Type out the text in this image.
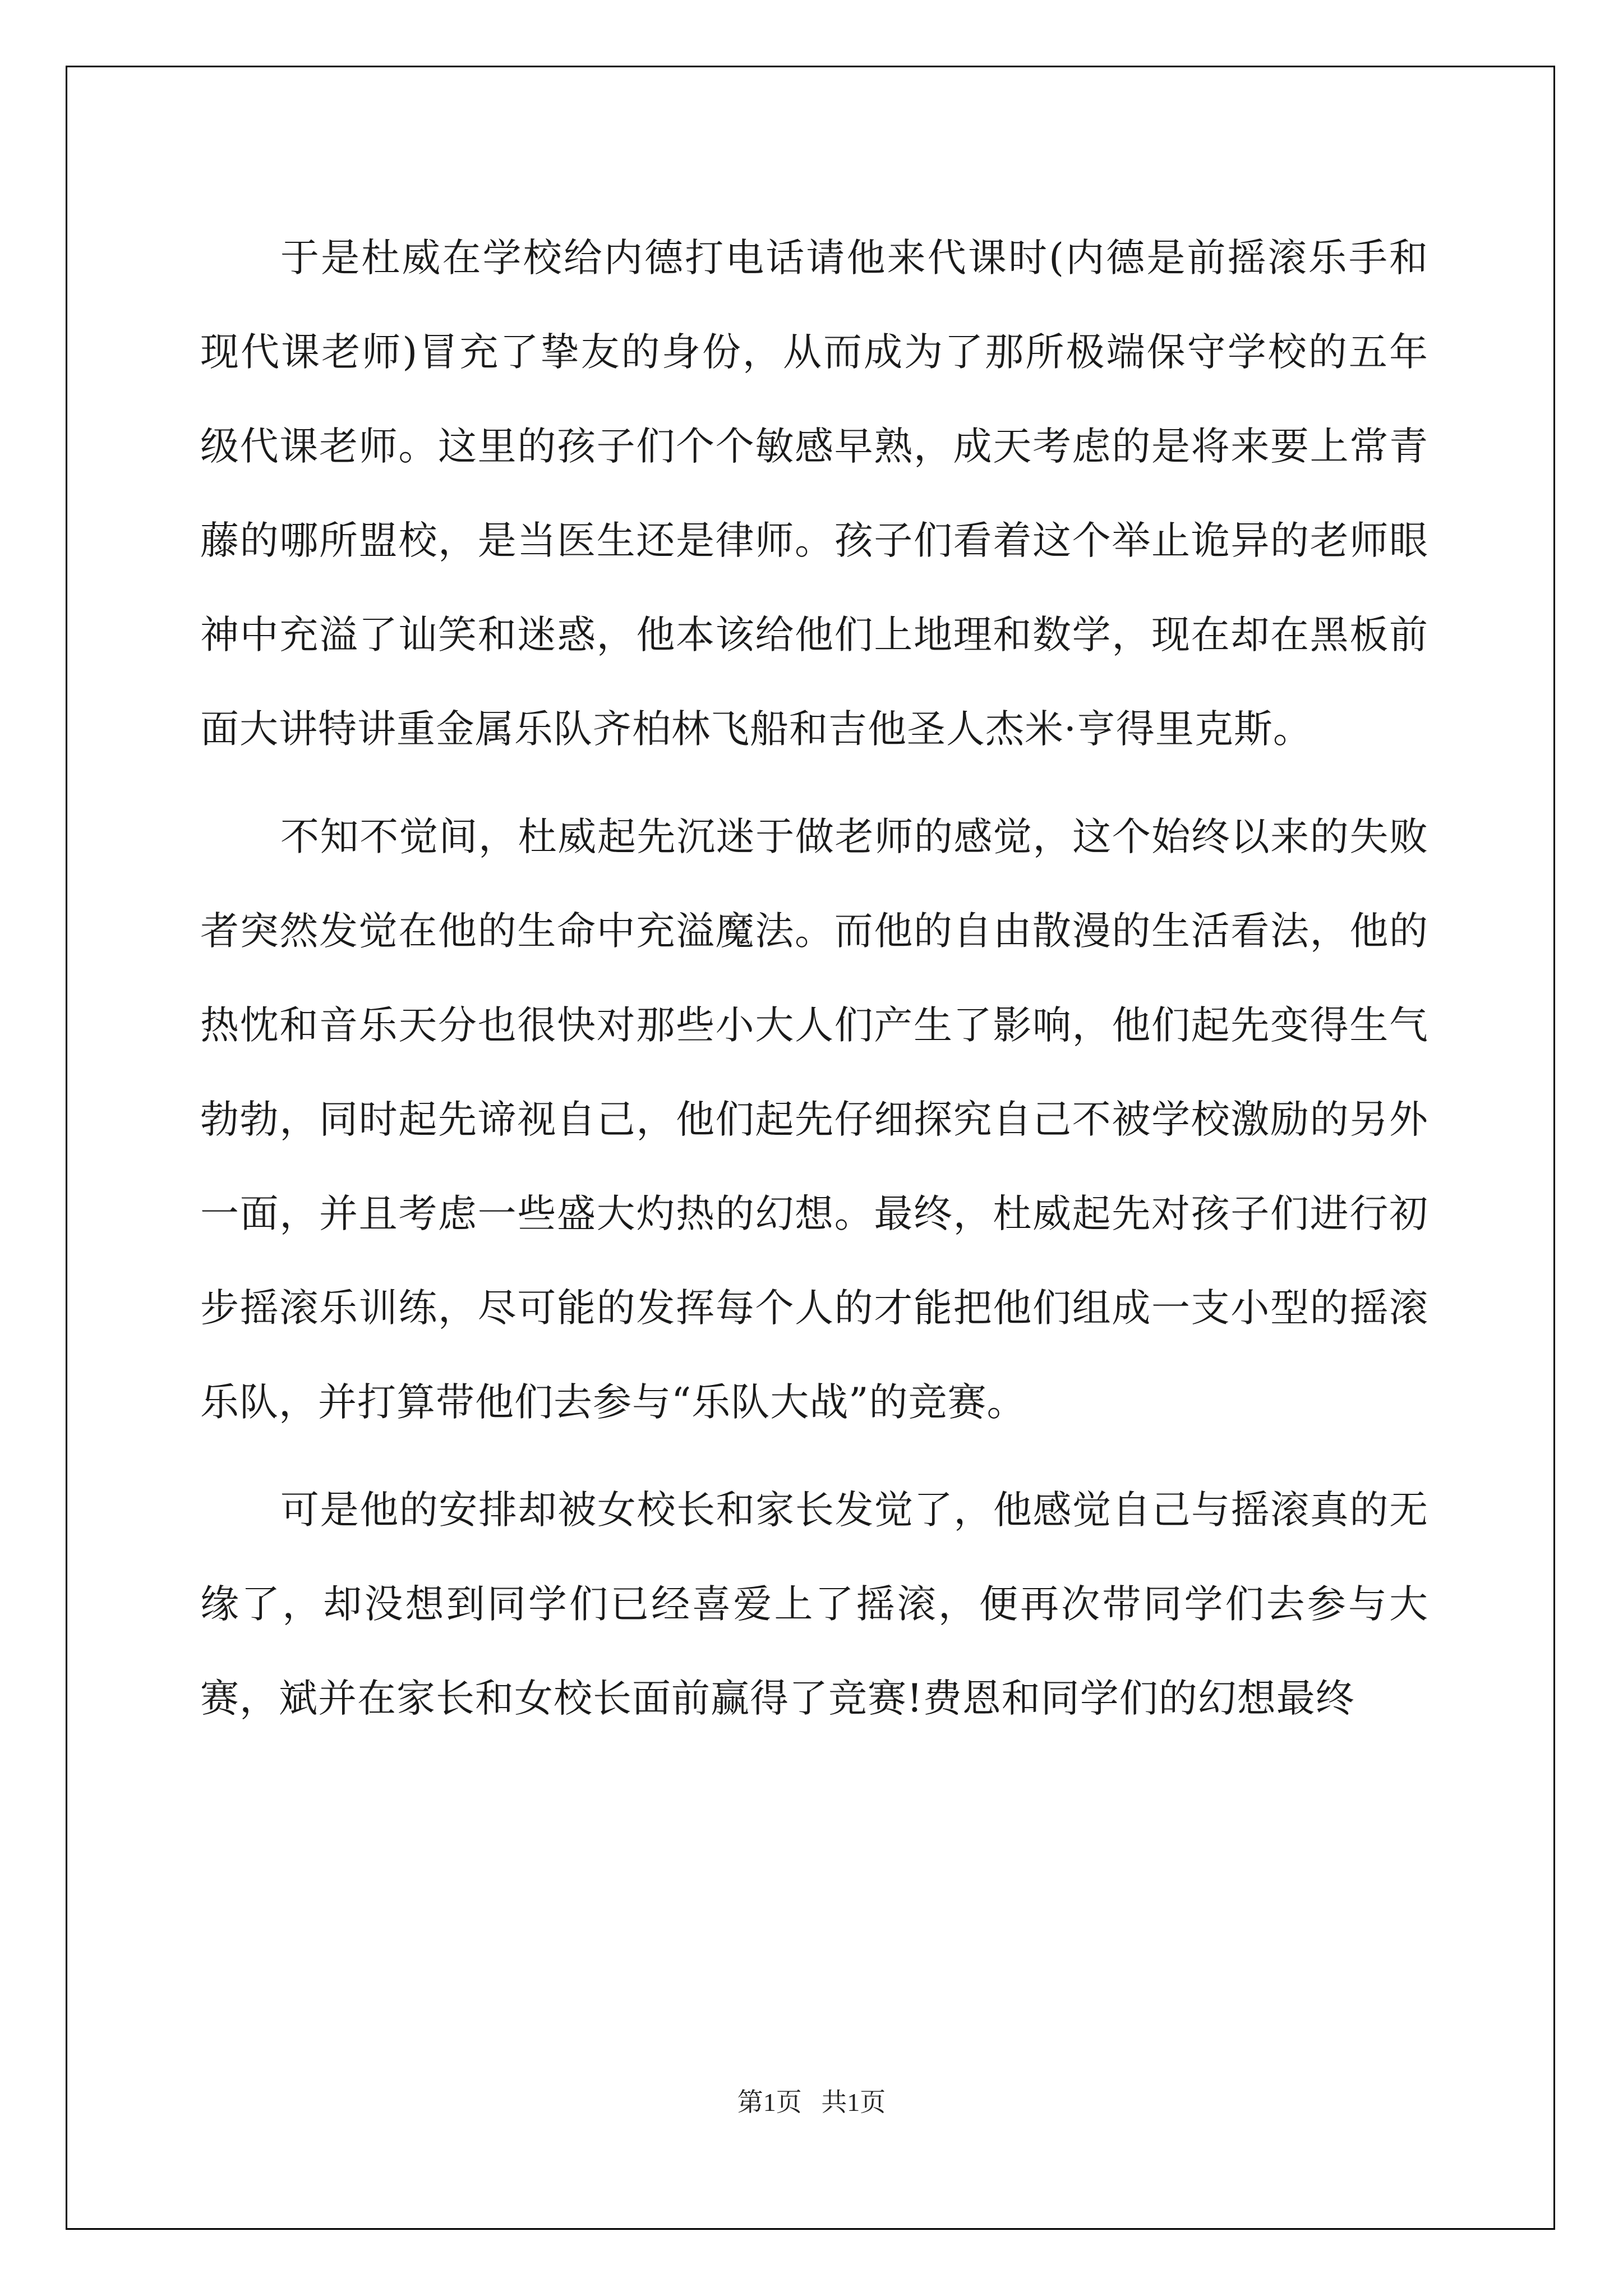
于是杜威在学校给内德打电话请他来代课时(内德是前摇滚乐手和现代课老师)冒充了挚友的身份，从而成为了那所极端保守学校的五年级代课老师。这里的孩子们个个敏感早熟，成天考虑的是将来要上常青藤的哪所盟校，是当医生还是律师。孩子们看着这个举止诡异的老师眼神中充溢了讪笑和迷惑，他本该给他们上地理和数学，现在却在黑板前面大讲特讲重金属乐队齐柏林飞船和吉他圣人杰米·亨得里克斯。

不知不觉间，杜威起先沉迷于做老师的感觉，这个始终以来的失败者突然发觉在他的生命中充溢魔法。而他的自由散漫的生活看法，他的热忱和音乐天分也很快对那些小大人们产生了影响，他们起先变得生气勃勃，同时起先谛视自己，他们起先仔细探究自己不被学校激励的另外一面，并且考虑一些盛大灼热的幻想。最终，杜威起先对孩子们进行初步摇滚乐训练，尽可能的发挥每个人的才能把他们组成一支小型的摇滚乐队，并打算带他们去参与“乐队大战”的竞赛。

可是他的安排却被女校长和家长发觉了，他感觉自己与摇滚真的无缘了，却没想到同学们已经喜爱上了摇滚，便再次带同学们去参与大赛，斌并在家长和女校长面前赢得了竞赛!费恩和同学们的幻想最终

第1页 共1页
